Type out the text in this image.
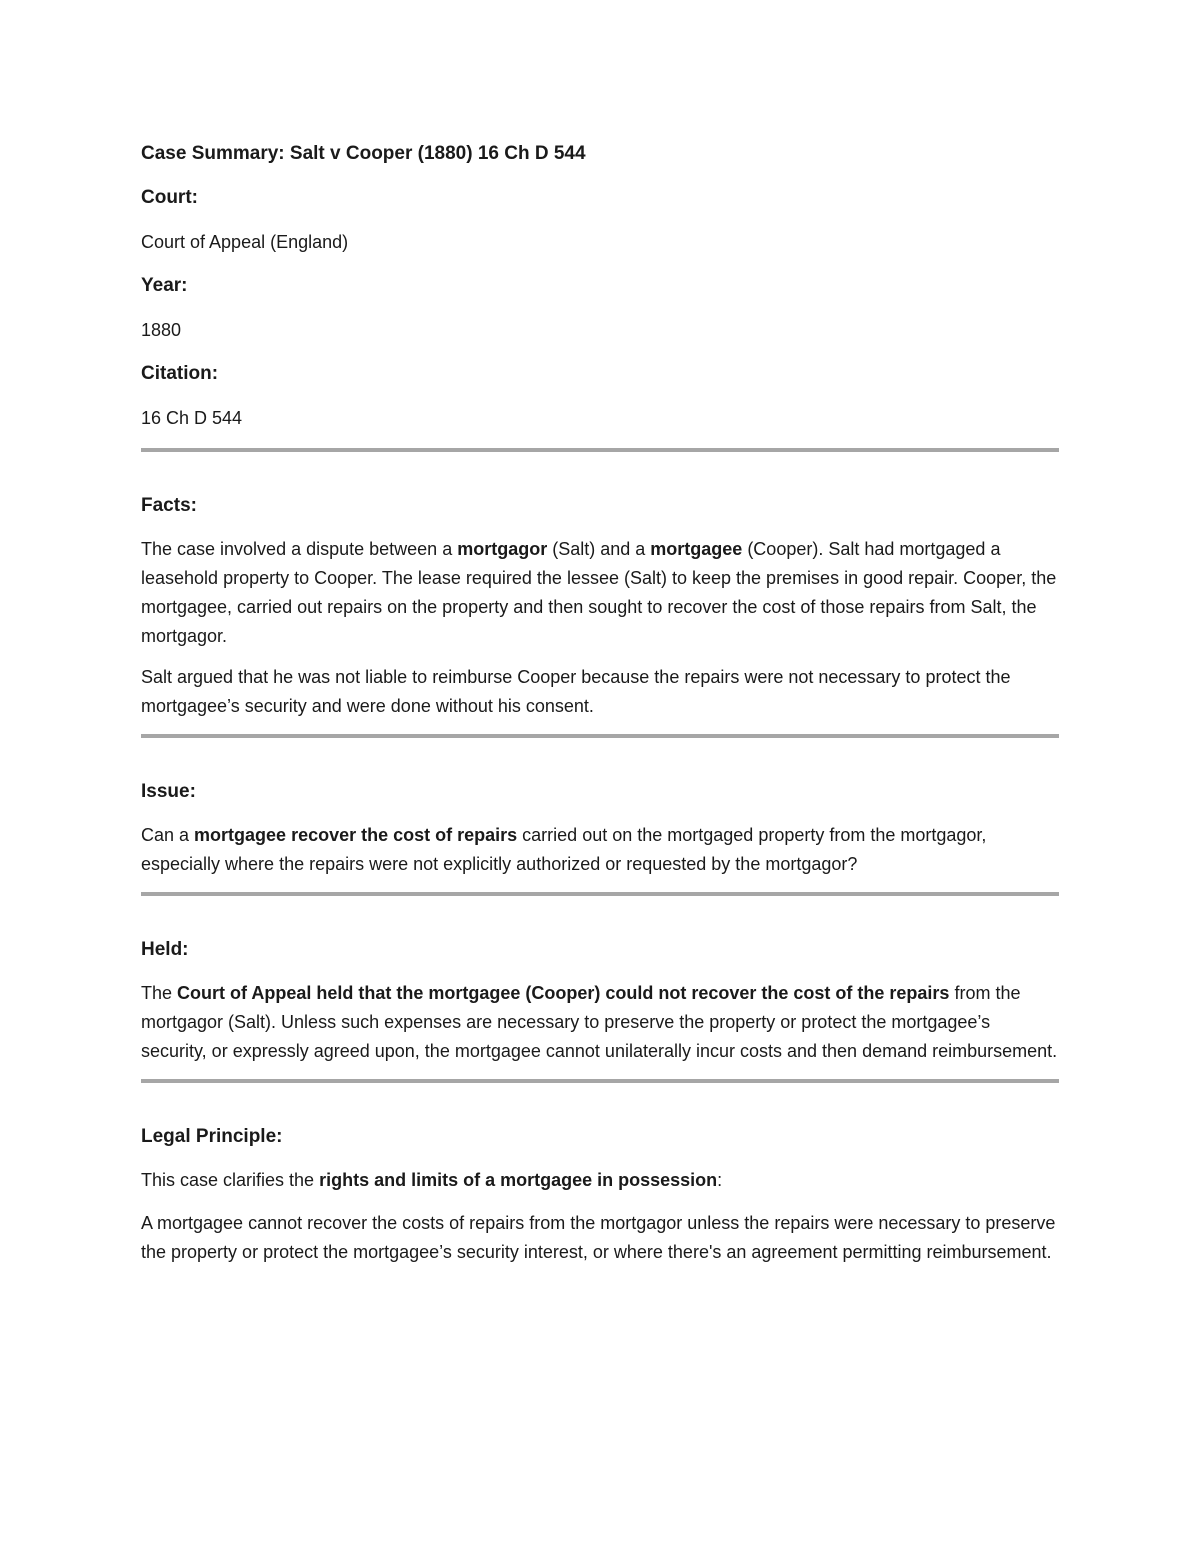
Case Summary: Salt v Cooper (1880) 16 Ch D 544

Court:

Court of Appeal (England)

Year:

1880

Citation:

16 Ch D 544

Facts:

The case involved a dispute between a mortgagor (Salt) and a mortgagee (Cooper). Salt had mortgaged a leasehold property to Cooper. The lease required the lessee (Salt) to keep the premises in good repair. Cooper, the mortgagee, carried out repairs on the property and then sought to recover the cost of those repairs from Salt, the mortgagor.

Salt argued that he was not liable to reimburse Cooper because the repairs were not necessary to protect the mortgagee’s security and were done without his consent.

Issue:

Can a mortgagee recover the cost of repairs carried out on the mortgaged property from the mortgagor, especially where the repairs were not explicitly authorized or requested by the mortgagor?

Held:

The Court of Appeal held that the mortgagee (Cooper) could not recover the cost of the repairs from the mortgagor (Salt). Unless such expenses are necessary to preserve the property or protect the mortgagee’s security, or expressly agreed upon, the mortgagee cannot unilaterally incur costs and then demand reimbursement.

Legal Principle:

This case clarifies the rights and limits of a mortgagee in possession:

A mortgagee cannot recover the costs of repairs from the mortgagor unless the repairs were necessary to preserve the property or protect the mortgagee’s security interest, or where there's an agreement permitting reimbursement.
